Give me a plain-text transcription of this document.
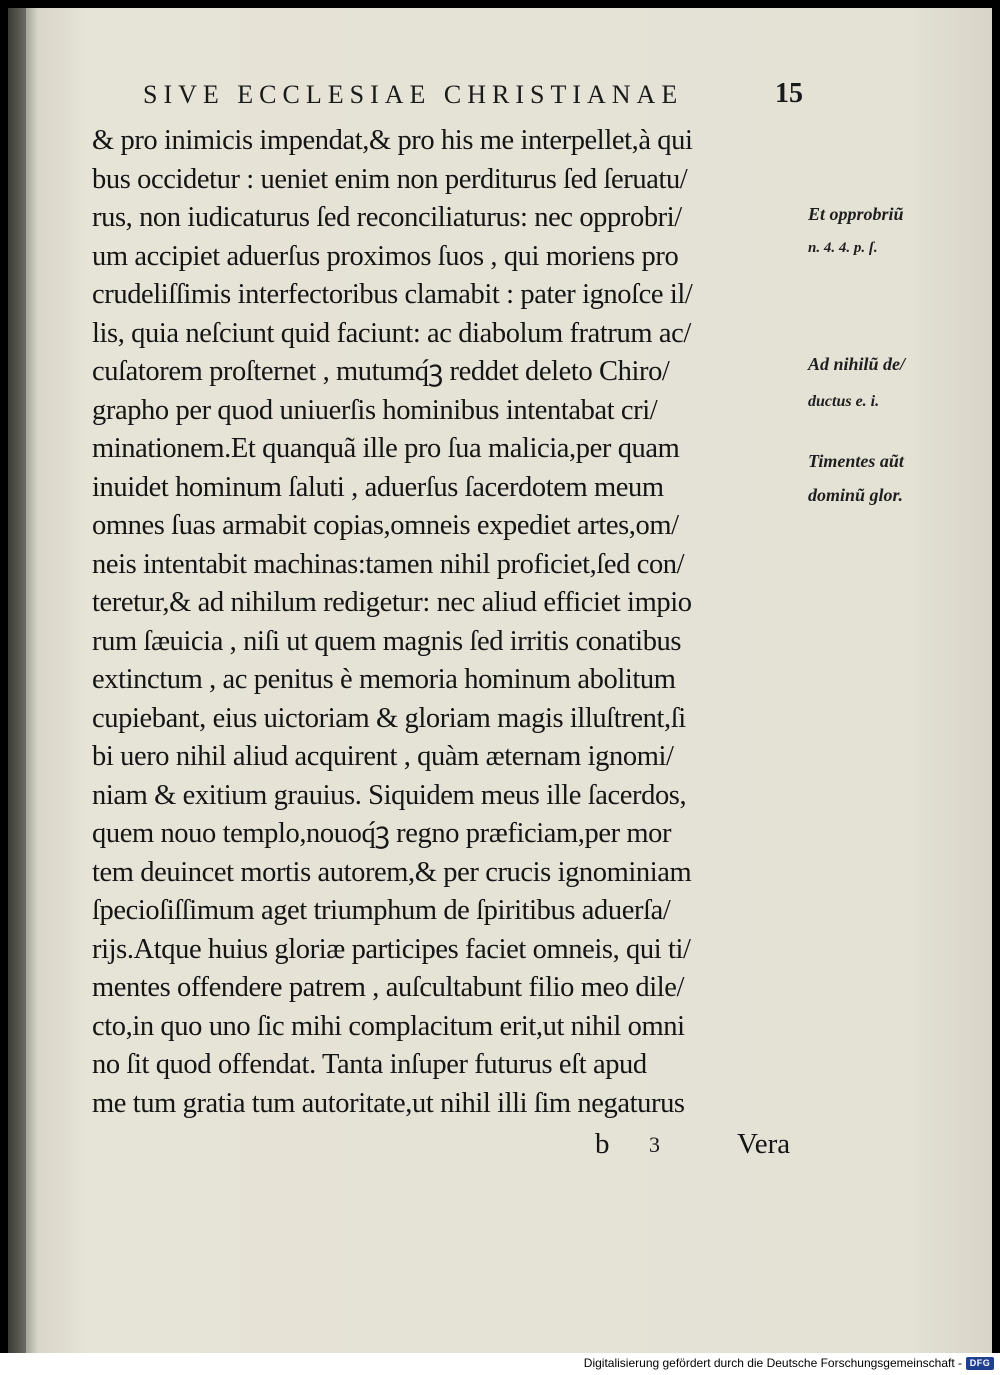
SIVE ECCLESIAE CHRISTIANAE	15
& pro inimicis impendat,& pro his me interpellet,à qui
bus occidetur : ueniet enim non perditurus ſed ſeruatu/
rus, non iudicaturus ſed reconciliaturus: nec opprobri/
um accipiet aduerſus proximos ſuos , qui moriens pro
crudeliſſimis interfectoribus clamabit : pater ignoſce il/
lis, quia neſciunt quid faciunt: ac diabolum fratrum ac/
cuſatorem proſternet , mutumq́ꝫ reddet deleto Chiro/
grapho per quod uniuerſis hominibus intentabat cri/
minationem.Et quanquã ille pro ſua malicia,per quam
inuidet hominum ſaluti , aduerſus ſacerdotem meum
omnes ſuas armabit copias,omneis expediet artes,om/
neis intentabit machinas:tamen nihil proficiet,ſed con/
teretur,& ad nihilum redigetur: nec aliud efficiet impio
rum ſæuicia , niſi ut quem magnis ſed irritis conatibus
extinctum , ac penitus è memoria hominum abolitum
cupiebant, eius uictoriam & gloriam magis illuſtrent,ſi
bi uero nihil aliud acquirent , quàm æternam ignomi/
niam & exitium grauius. Siquidem meus ille ſacerdos,
quem nouo templo,nouoq́ꝫ regno præficiam,per mor
tem deuincet mortis autorem,& per crucis ignominiam
ſpecioſiſſimum aget triumphum de ſpiritibus aduerſa/
rijs.Atque huius gloriæ participes faciet omneis, qui ti/
mentes offendere patrem , auſcultabunt filio meo dile/
cto,in quo uno ſic mihi complacitum erit,ut nihil omni
no ſit quod offendat. Tanta inſuper futurus eſt apud
me tum gratia tum autoritate,ut nihil illi ſim negaturus
b 3	Vera
Et opprobriũ
n. 4. 4. p. ſ.
Ad nihilũ de/
ductus e. i.
Timentes aũt
dominũ glor.
Digitalisierung gefördert durch die Deutsche Forschungsgemeinschaft - DFG
